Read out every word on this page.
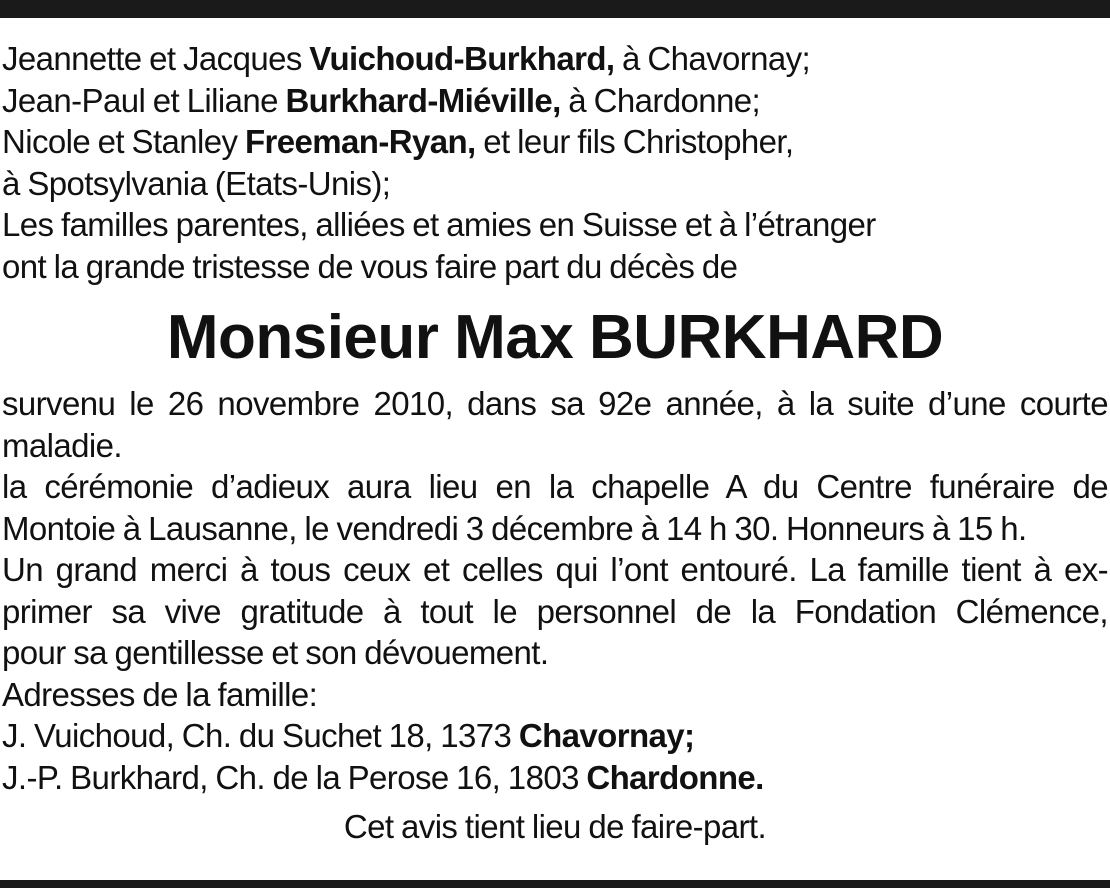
Jeannette et Jacques Vuichoud-Burkhard, à Chavornay;
Jean-Paul et Liliane Burkhard-Miéville, à Chardonne;
Nicole et Stanley Freeman-Ryan, et leur fils Christopher,
à Spotsylvania (Etats-Unis);
Les familles parentes, alliées et amies en Suisse et à l’étranger
ont la grande tristesse de vous faire part du décès de
Monsieur Max BURKHARD
survenu le 26 novembre 2010, dans sa 92e année, à la suite d’une courte
maladie.
la cérémonie d’adieux aura lieu en la chapelle A du Centre funéraire de
Montoie à Lausanne, le vendredi 3 décembre à 14 h 30. Honneurs à 15 h.
Un grand merci à tous ceux et celles qui l’ont entouré. La famille tient à ex-
primer sa vive gratitude à tout le personnel de la Fondation Clémence,
pour sa gentillesse et son dévouement.
Adresses de la famille:
J. Vuichoud, Ch. du Suchet 18, 1373 Chavornay;
J.-P. Burkhard, Ch. de la Perose 16, 1803 Chardonne.
Cet avis tient lieu de faire-part.
